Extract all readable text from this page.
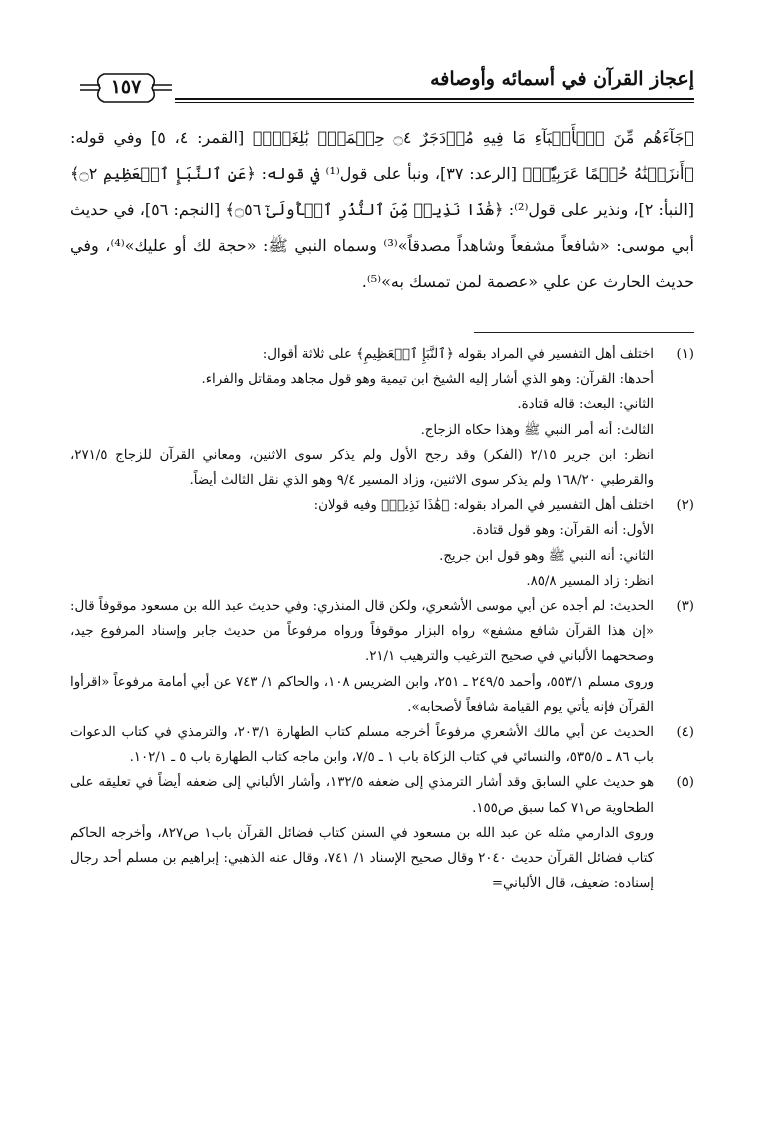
إعجاز القرآن في أسمائه وأوصافه
١٥٧
﴿جَآءَهُم مِّنَ ٱلۡأَنۢبَآءِ مَا فِيهِ مُزۡدَجَرٌ ۝٤ حِكۡمَةُۢ بَٰلِغَةٞۖ﴾ [القمر: ٤، ٥] وفي قوله: ﴿أَنزَلۡنَٰهُ حُكۡمًا عَرَبِيّٗاۚ﴾ [الرعد: ٣٧]، ونبأ على قول⁽¹⁾ في قوله: ﴿عَنِ ٱلنَّبَإِ ٱلۡعَظِيمِ ۝٢﴾ [النبأ: ٢]، ونذير على قول⁽²⁾: ﴿هَٰذَا نَذِيرٞ مِّنَ ٱلنُّذُرِ ٱلۡأُولَىٰٓ ۝٥٦﴾ [النجم: ٥٦]، في حديث أبي موسى: «شافعاً مشفعاً وشاهداً مصدقاً»⁽³⁾ وسماه النبي ﷺ: «حجة لك أو عليك»⁽⁴⁾، وفي حديث الحارث عن علي «عصمة لمن تمسك به»⁽⁵⁾.
(١)

اختلف أهل التفسير في المراد بقوله ﴿ٱلنَّبَإِ ٱلۡعَظِيمِ﴾ على ثلاثة أقوال:

أحدها: القرآن: وهو الذي أشار إليه الشيخ ابن تيمية وهو قول مجاهد ومقاتل والفراء.

الثاني: البعث: قاله قتادة.

الثالث: أنه أمر النبي ﷺ وهذا حكاه الزجاج.

انظر: ابن جرير ٢/١٥ (الفكر) وقد رجح الأول ولم يذكر سوى الاثنين، ومعاني القرآن للزجاج ٢٧١/٥، والقرطبي ١٦٨/٢٠ ولم يذكر سوى الاثنين، وزاد المسير ٩/٤ وهو الذي نقل الثالث أيضاً.

(٢)

اختلف أهل التفسير في المراد بقوله: ﴿هَٰذَا نَذِيرٞ﴾ وفيه قولان:

الأول: أنه القرآن: وهو قول قتادة.

الثاني: أنه النبي ﷺ وهو قول ابن جريج.

انظر: زاد المسير ٨٥/٨.

(٣)

الحديث: لم أجده عن أبي موسى الأشعري، ولكن قال المنذري: وفي حديث عبد الله بن مسعود موقوفاً قال: «إن هذا القرآن شافع مشفع» رواه البزار موقوفاً ورواه مرفوعاً من حديث جابر وإسناد المرفوع جيد، وصححهما الألباني في صحيح الترغيب والترهيب ٢١/١.

وروى مسلم ٥٥٣/١، وأحمد ٢٤٩/٥ ـ ٢٥١، وابن الضريس ١٠٨، والحاكم ١/ ٧٤٣ عن أبي أمامة مرفوعاً «اقرأوا القرآن فإنه يأتي يوم القيامة شافعاً لأصحابه».

(٤)

الحديث عن أبي مالك الأشعري مرفوعاً أخرجه مسلم كتاب الطهارة ٢٠٣/١، والترمذي في كتاب الدعوات باب ٨٦ ـ ٥٣٥/٥، والنسائي في كتاب الزكاة باب ١ ـ ٧/٥، وابن ماجه كتاب الطهارة باب ٥ ـ ١٠٢/١.

(٥)

هو حديث علي السابق وقد أشار الترمذي إلى ضعفه ١٣٢/٥، وأشار الألباني إلى ضعفه أيضاً في تعليقه على الطحاوية ص٧١ كما سبق ص١٥٥.

وروى الدارمي مثله عن عبد الله بن مسعود في السنن كتاب فضائل القرآن باب١ ص٨٢٧، وأخرجه الحاكم كتاب فضائل القرآن حديث ٢٠٤٠ وقال صحيح الإسناد ١/ ٧٤١، وقال عنه الذهبي: إبراهيم بن مسلم أحد رجال إسناده: ضعيف، قال الألباني=
